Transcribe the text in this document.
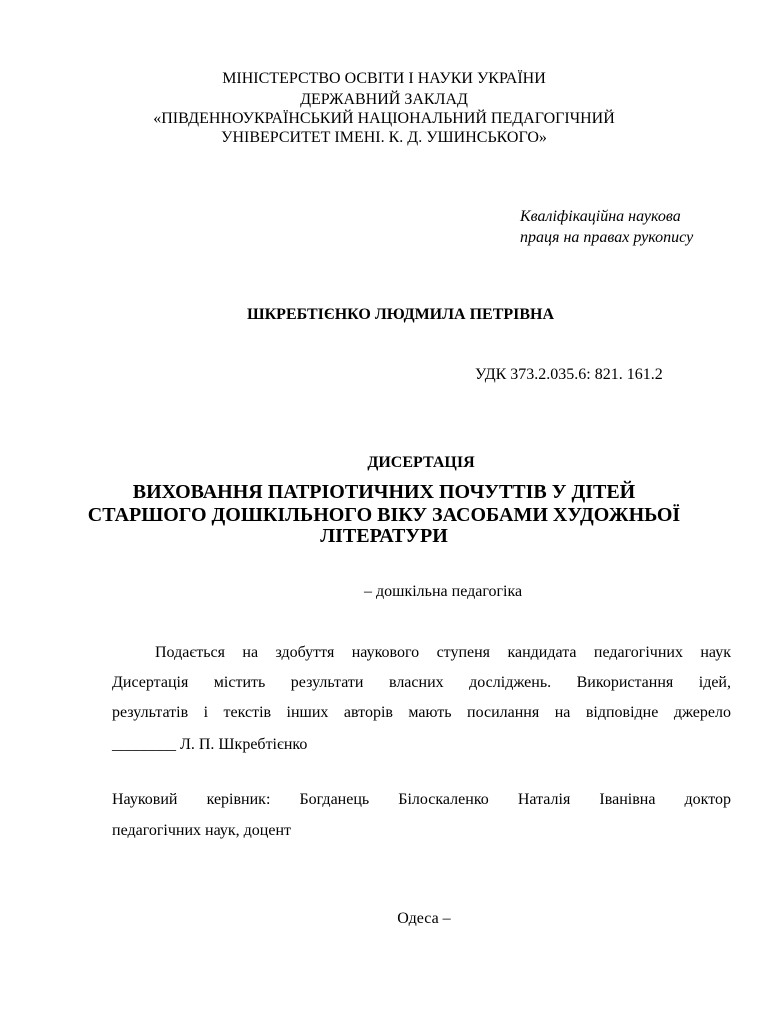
МІНІСТЕРСТВО ОСВІТИ І НАУКИ УКРАЇНИ
ДЕРЖАВНИЙ ЗАКЛАД
«ПІВДЕННОУКРАЇНСЬКИЙ НАЦІОНАЛЬНИЙ ПЕДАГОГІЧНИЙ
УНІВЕРСИТЕТ ІМЕНІ. К. Д. УШИНСЬКОГО»
Кваліфікаційна наукова
праця на правах рукопису
ШКРЕБТІЄНКО ЛЮДМИЛА ПЕТРІВНА
УДК 373.2.035.6: 821. 161.2
ДИСЕРТАЦІЯ
ВИХОВАННЯ ПАТРІОТИЧНИХ ПОЧУТТІВ У ДІТЕЙ
СТАРШОГО ДОШКІЛЬНОГО ВІКУ ЗАСОБАМИ ХУДОЖНЬОЇ
ЛІТЕРАТУРИ
– дошкільна педагогіка
Подається на здобуття наукового ступеня кандидата педагогічних наук
Дисертація містить результати власних досліджень. Використання ідей,
результатів і текстів інших авторів мають посилання на відповідне джерело
________ Л. П. Шкребтієнко
Науковий керівник: Богданець Білоскаленко Наталія Іванівна доктор
педагогічних наук, доцент
Одеса –
